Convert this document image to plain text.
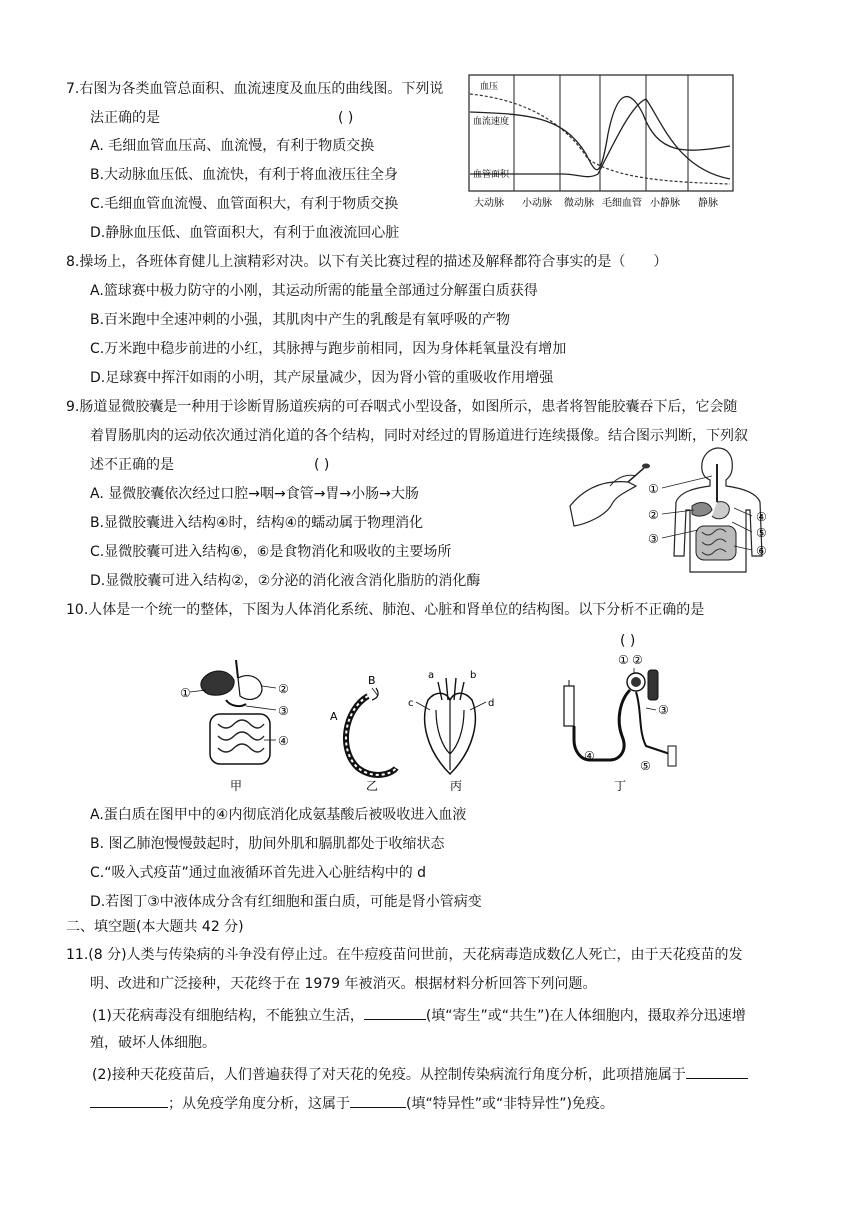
7.右图为各类血管总面积、血流速度及血压的曲线图。下列说
法正确的是	( )
A. 毛细血管血压高、血流慢，有利于物质交换
B.大动脉血压低、血流快，有利于将血液压往全身
C.毛细血管血流慢、血管面积大，有利于物质交换
D.静脉血压低、血管面积大，有利于血液流回心脏
血压
血流速度
血管面积
大动脉 小动脉 微动脉 毛细血管 小静脉 静脉
8.操场上，各班体育健儿上演精彩对决。以下有关比赛过程的描述及解释都符合事实的是（　　）
A.篮球赛中极力防守的小刚，其运动所需的能量全部通过分解蛋白质获得
B.百米跑中全速冲刺的小强，其肌肉中产生的乳酸是有氧呼吸的产物
C.万米跑中稳步前进的小红，其脉搏与跑步前相同，因为身体耗氧量没有增加
D.足球赛中挥汗如雨的小明，其产尿量减少，因为肾小管的重吸收作用增强
9.肠道显微胶囊是一种用于诊断胃肠道疾病的可吞咽式小型设备，如图所示，患者将智能胶囊吞下后，它会随
着胃肠肌肉的运动依次通过消化道的各个结构，同时对经过的胃肠道进行连续摄像。结合图示判断，下列叙
述不正确的是	( )
A. 显微胶囊依次经过口腔→咽→食管→胃→小肠→大肠
B.显微胶囊进入结构④时，结构④的蠕动属于物理消化
C.显微胶囊可进入结构⑥，⑥是食物消化和吸收的主要场所
D.显微胶囊可进入结构②，②分泌的消化液含消化脂肪的消化酶
①
②
③
④
⑤
⑥
10.人体是一个统一的整体，下图为人体消化系统、肺泡、心脏和肾单位的结构图。以下分析不正确的是
( )
①	②
③
④
甲
A
B
乙
a	b
c	d
丙
① ②
③
④
⑤
丁
A.蛋白质在图甲中的④内彻底消化成氨基酸后被吸收进入血液
B. 图乙肺泡慢慢鼓起时，肋间外肌和膈肌都处于收缩状态
C.“吸入式疫苗”通过血液循环首先进入心脏结构中的 d
D.若图丁③中液体成分含有红细胞和蛋白质，可能是肾小管病变
二、填空题(本大题共 42 分)
11.(8 分)人类与传染病的斗争没有停止过。在牛痘疫苗问世前，天花病毒造成数亿人死亡，由于天花疫苗的发
明、改进和广泛接种，天花终于在 1979 年被消灭。根据材料分析回答下列问题。
(1)天花病毒没有细胞结构，不能独立生活，	(填“寄生”或“共生”)在人体细胞内，摄取养分迅速增
殖，破坏人体细胞。
(2)接种天花疫苗后，人们普遍获得了对天花的免疫。从控制传染病流行角度分析，此项措施属于
；从免疫学角度分析，这属于	(填“特异性”或“非特异性”)免疫。
